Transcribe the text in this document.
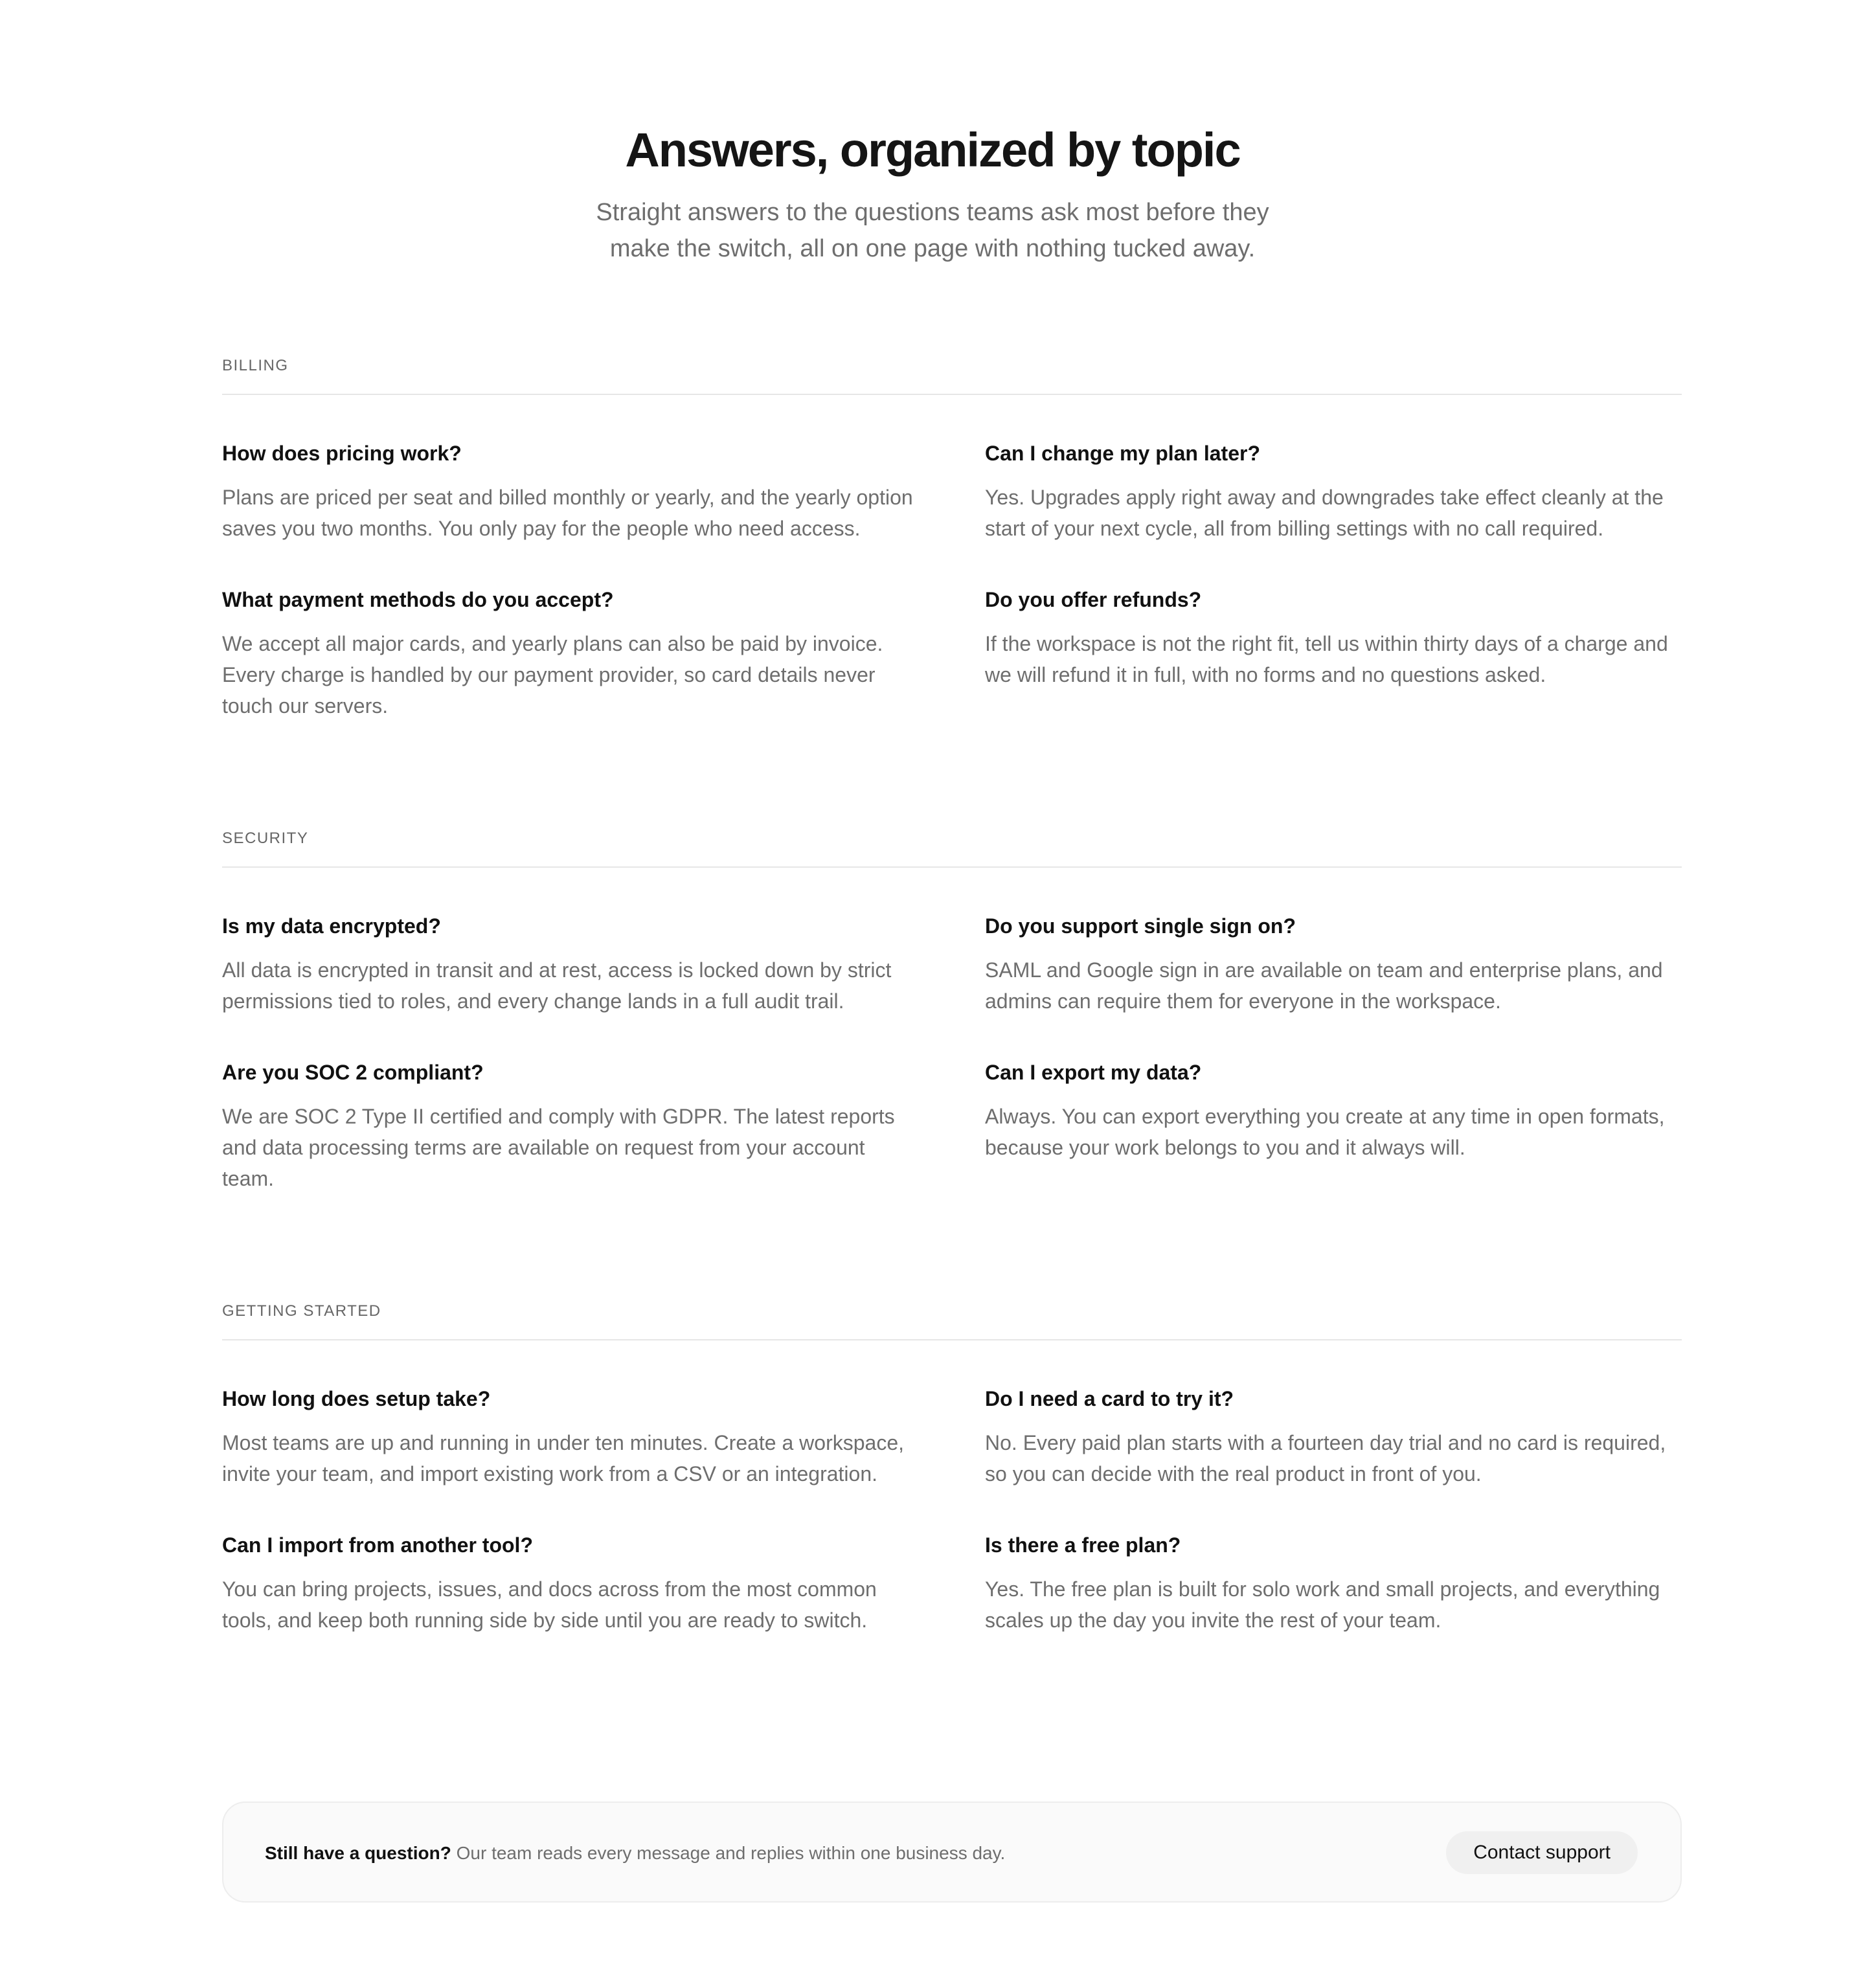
Answers, organized by topic

Straight answers to the questions teams ask most before they make the switch, all on one page with nothing tucked away.

BILLING
How does pricing work?

Plans are priced per seat and billed monthly or yearly, and the yearly option saves you two months. You only pay for the people who need access.

Can I change my plan later?

Yes. Upgrades apply right away and downgrades take effect cleanly at the start of your next cycle, all from billing settings with no call required.

What payment methods do you accept?

We accept all major cards, and yearly plans can also be paid by invoice. Every charge is handled by our payment provider, so card details never touch our servers.

Do you offer refunds?

If the workspace is not the right fit, tell us within thirty days of a charge and we will refund it in full, with no forms and no questions asked.

SECURITY
Is my data encrypted?

All data is encrypted in transit and at rest, access is locked down by strict permissions tied to roles, and every change lands in a full audit trail.

Do you support single sign on?

SAML and Google sign in are available on team and enterprise plans, and admins can require them for everyone in the workspace.

Are you SOC 2 compliant?

We are SOC 2 Type II certified and comply with GDPR. The latest reports and data processing terms are available on request from your account team.

Can I export my data?

Always. You can export everything you create at any time in open formats, because your work belongs to you and it always will.

GETTING STARTED
How long does setup take?

Most teams are up and running in under ten minutes. Create a workspace, invite your team, and import existing work from a CSV or an integration.

Do I need a card to try it?

No. Every paid plan starts with a fourteen day trial and no card is required, so you can decide with the real product in front of you.

Can I import from another tool?

You can bring projects, issues, and docs across from the most common tools, and keep both running side by side until you are ready to switch.

Is there a free plan?

Yes. The free plan is built for solo work and small projects, and everything scales up the day you invite the rest of your team.

Still have a question? Our team reads every message and replies within one business day.	Contact support
